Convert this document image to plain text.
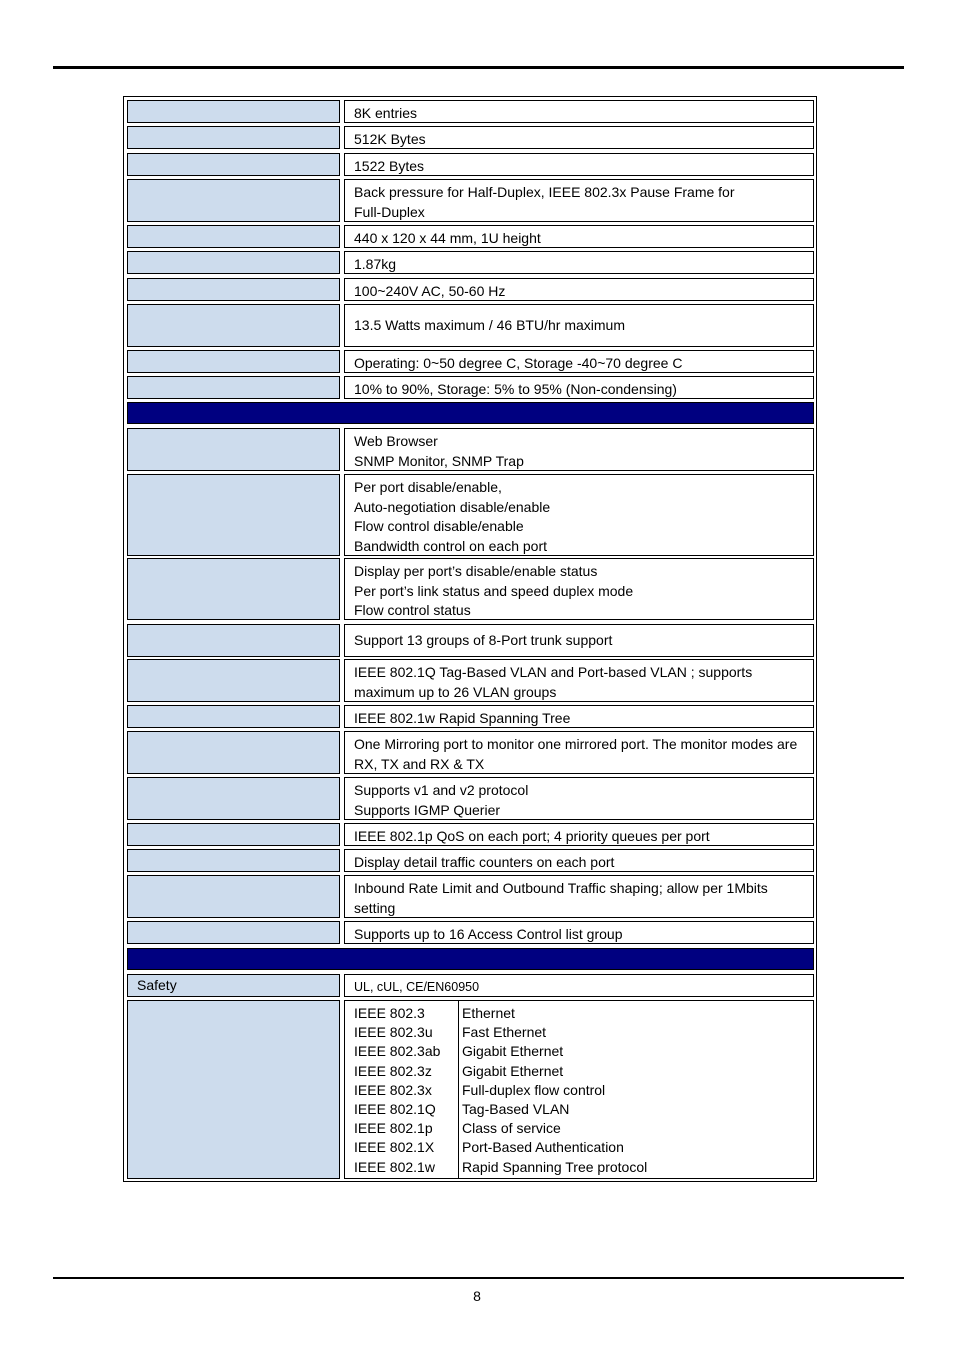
8K entries
512K Bytes
1522 Bytes
Back pressure for Half-Duplex, IEEE 802.3x Pause Frame for
Full-Duplex
440 x 120 x 44 mm, 1U height
1.87kg
100~240V AC, 50-60 Hz
13.5 Watts maximum / 46 BTU/hr maximum
Operating: 0~50 degree C, Storage -40~70 degree C
10% to 90%, Storage: 5% to 95% (Non-condensing)
Web Browser
SNMP Monitor, SNMP Trap
Per port disable/enable,
Auto-negotiation disable/enable
Flow control disable/enable
Bandwidth control on each port
Display per port’s disable/enable status
Per port’s link status and speed duplex mode
Flow control status
Support 13 groups of 8-Port trunk support
IEEE 802.1Q Tag-Based VLAN and Port-based VLAN ; supports
maximum up to 26 VLAN groups
IEEE 802.1w Rapid Spanning Tree
One Mirroring port to monitor one mirrored port. The monitor modes are
RX, TX and RX & TX
Supports v1 and v2 protocol
Supports IGMP Querier
IEEE 802.1p QoS on each port; 4 priority queues per port
Display detail traffic counters on each port
Inbound Rate Limit and Outbound Traffic shaping; allow per 1Mbits
setting
Supports up to 16 Access Control list group
Safety	UL, cUL, CE/EN60950
IEEE 802.3
IEEE 802.3u
IEEE 802.3ab
IEEE 802.3z
IEEE 802.3x
IEEE 802.1Q
IEEE 802.1p
IEEE 802.1X
IEEE 802.1w
Ethernet
Fast Ethernet
Gigabit Ethernet
Gigabit Ethernet
Full-duplex flow control
Tag-Based VLAN
Class of service
Port-Based Authentication
Rapid Spanning Tree protocol
8
